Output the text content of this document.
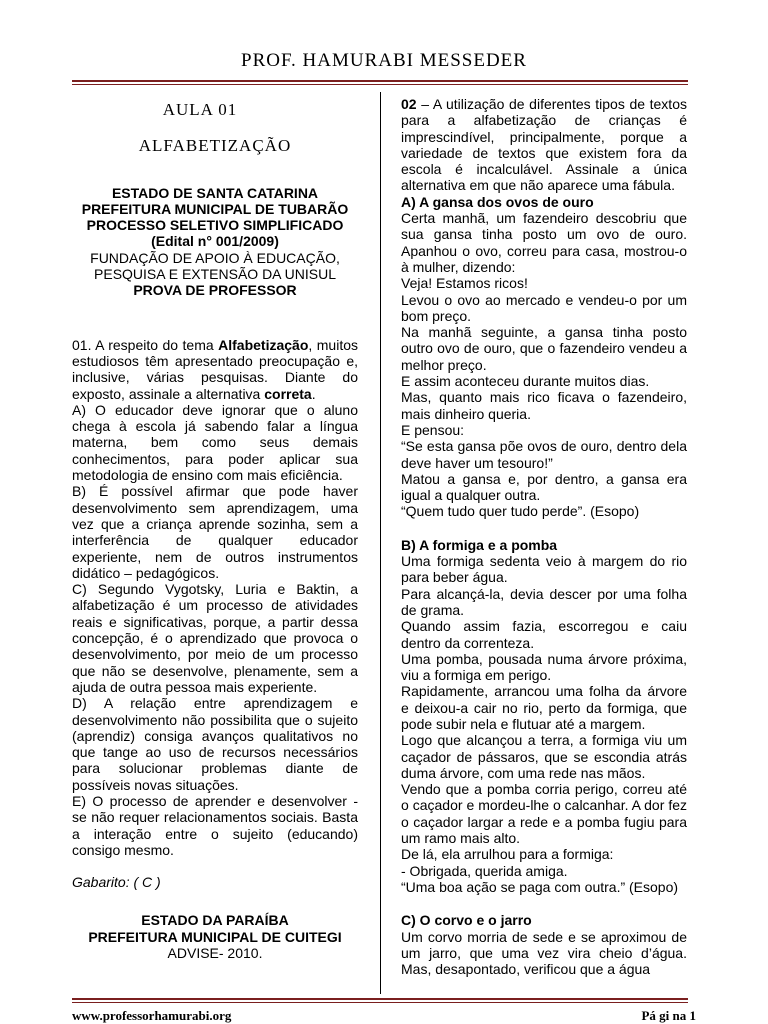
PROF. HAMURABI MESSEDER
AULA 01
ALFABETIZAÇÃO

ESTADO DE SANTA CATARINA

PREFEITURA MUNICIPAL DE TUBARÃO

PROCESSO SELETIVO SIMPLIFICADO

(Edital n° 001/2009)

FUNDAÇÃO DE APOIO À EDUCAÇÃO,

PESQUISA E EXTENSÃO DA UNISUL

PROVA DE PROFESSOR

01. A respeito do tema Alfabetização, muitos estudiosos têm apresentado preocupação e, inclusive, várias pesquisas. Diante do exposto, assinale a alternativa correta.

A) O educador deve ignorar que o aluno chega à escola já sabendo falar a língua materna, bem como seus demais conhecimentos, para poder aplicar sua metodologia de ensino com mais eficiência.

B) É possível afirmar que pode haver desenvolvimento sem aprendizagem, uma vez que a criança aprende sozinha, sem a interferência de qualquer educador experiente, nem de outros instrumentos didático – pedagógicos.

C) Segundo Vygotsky, Luria e Baktin, a alfabetização é um processo de atividades reais e significativas, porque, a partir dessa concepção, é o aprendizado que provoca o desenvolvimento, por meio de um processo que não se desenvolve, plenamente, sem a ajuda de outra pessoa mais experiente.

D) A relação entre aprendizagem e desenvolvimento não possibilita que o sujeito (aprendiz) consiga avanços qualitativos no que tange ao uso de recursos necessários para solucionar problemas diante de possíveis novas situações.

E) O processo de aprender e desenvolver - se não requer relacionamentos sociais. Basta a interação entre o sujeito (educando) consigo mesmo.

Gabarito: ( C )

ESTADO DA PARAÍBA

PREFEITURA MUNICIPAL DE CUITEGI

ADVISE- 2010.

02 – A utilização de diferentes tipos de textos para a alfabetização de crianças é imprescindível, principalmente, porque a variedade de textos que existem fora da escola é incalculável. Assinale a única alternativa em que não aparece uma fábula.

A) A gansa dos ovos de ouro

Certa manhã, um fazendeiro descobriu que sua gansa tinha posto um ovo de ouro. Apanhou o ovo, correu para casa, mostrou-o à mulher, dizendo:

Veja! Estamos ricos!

Levou o ovo ao mercado e vendeu-o por um bom preço.

Na manhã seguinte, a gansa tinha posto outro ovo de ouro, que o fazendeiro vendeu a melhor preço.

E assim aconteceu durante muitos dias.

Mas, quanto mais rico ficava o fazendeiro, mais dinheiro queria.

E pensou:

“Se esta gansa põe ovos de ouro, dentro dela deve haver um tesouro!”

Matou a gansa e, por dentro, a gansa era igual a qualquer outra.

“Quem tudo quer tudo perde”. (Esopo)

B) A formiga e a pomba

Uma formiga sedenta veio à margem do rio para beber água.

Para alcançá-la, devia descer por uma folha de grama.

Quando assim fazia, escorregou e caiu dentro da correnteza.

Uma pomba, pousada numa árvore próxima, viu a formiga em perigo.

Rapidamente, arrancou uma folha da árvore e deixou-a cair no rio, perto da formiga, que pode subir nela e flutuar até a margem.

Logo que alcançou a terra, a formiga viu um caçador de pássaros, que se escondia atrás duma árvore, com uma rede nas mãos.

Vendo que a pomba corria perigo, correu até o caçador e mordeu-lhe o calcanhar. A dor fez o caçador largar a rede e a pomba fugiu para um ramo mais alto.

De lá, ela arrulhou para a formiga:

- Obrigada, querida amiga.

“Uma boa ação se paga com outra.” (Esopo)

C) O corvo e o jarro

Um corvo morria de sede e se aproximou de um jarro, que uma vez vira cheio d’água. Mas, desapontado, verificou que a água

www.professorhamurabi.org	Pá gi na 1
